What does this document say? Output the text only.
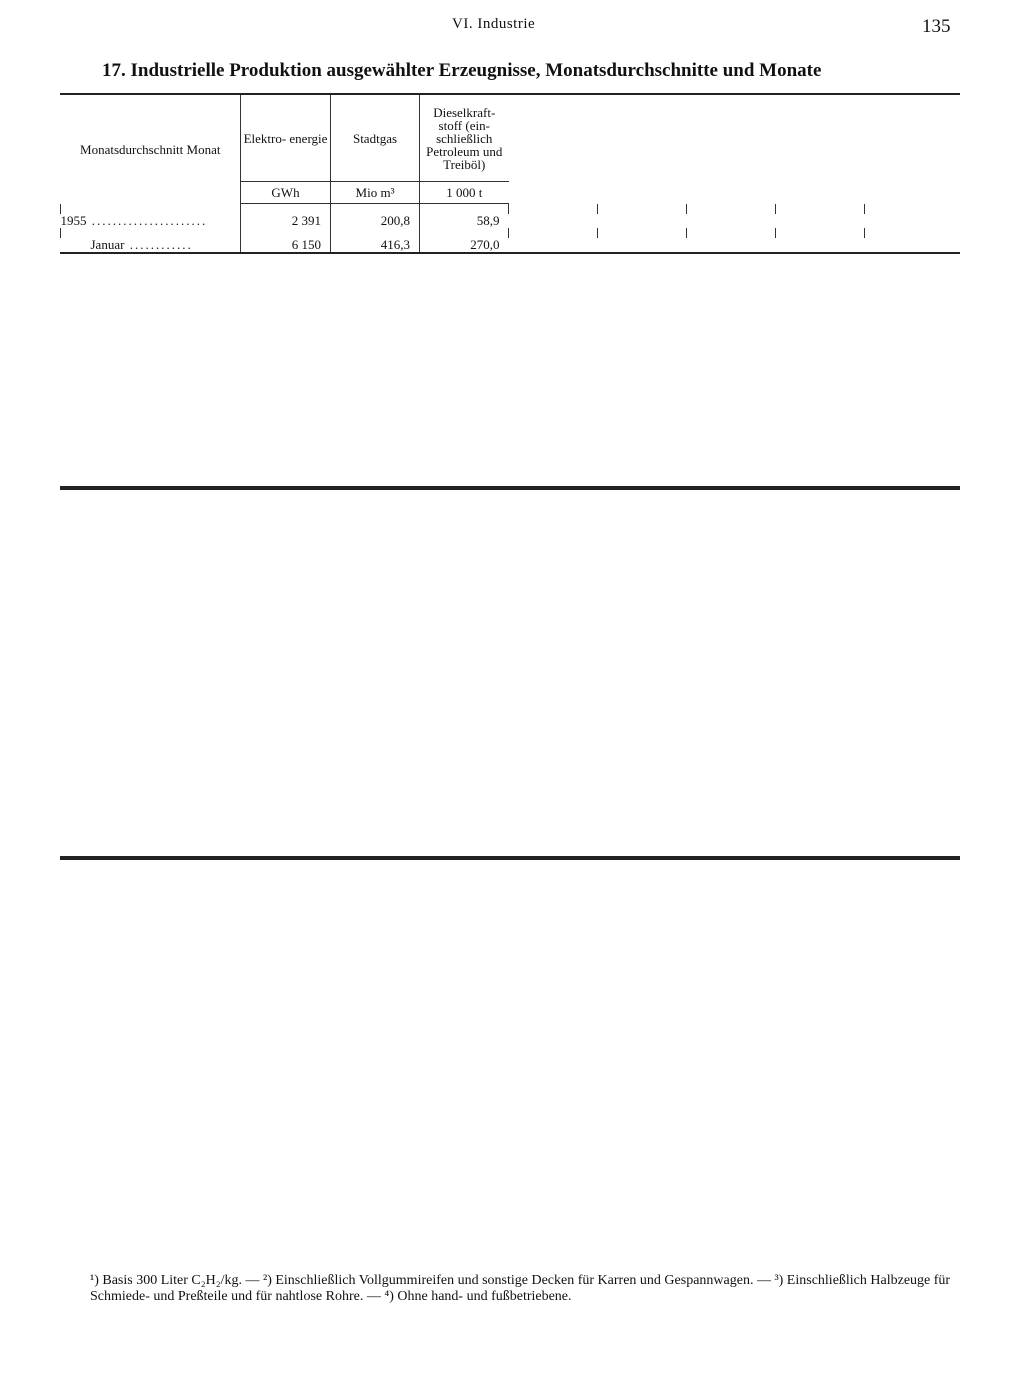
VI. Industrie	135
17. Industrielle Produktion ausgewählter Erzeugnisse, Monatsdurchschnitte und Monate
Monatsdurchschnitt Monat	Elektro- energie	Stadtgas	Dieselkraft- stoff (ein- schließlich Petroleum und Treiböl)					
	GWh	Mio m³	1 000 t					

1955 ......................	2 391	200,8	58,9					

Januar ............	6 150	416,3	270,0					
¹) Basis 300 Liter C₂H₂/kg. — ²) Einschließlich Vollgummireifen und sonstige Decken für Karren und Gespannwagen. — ³) Einschließlich Halbzeuge für Schmiede- und Preßteile und für nahtlose Rohre. — ⁴) Ohne hand- und fußbetriebene.
